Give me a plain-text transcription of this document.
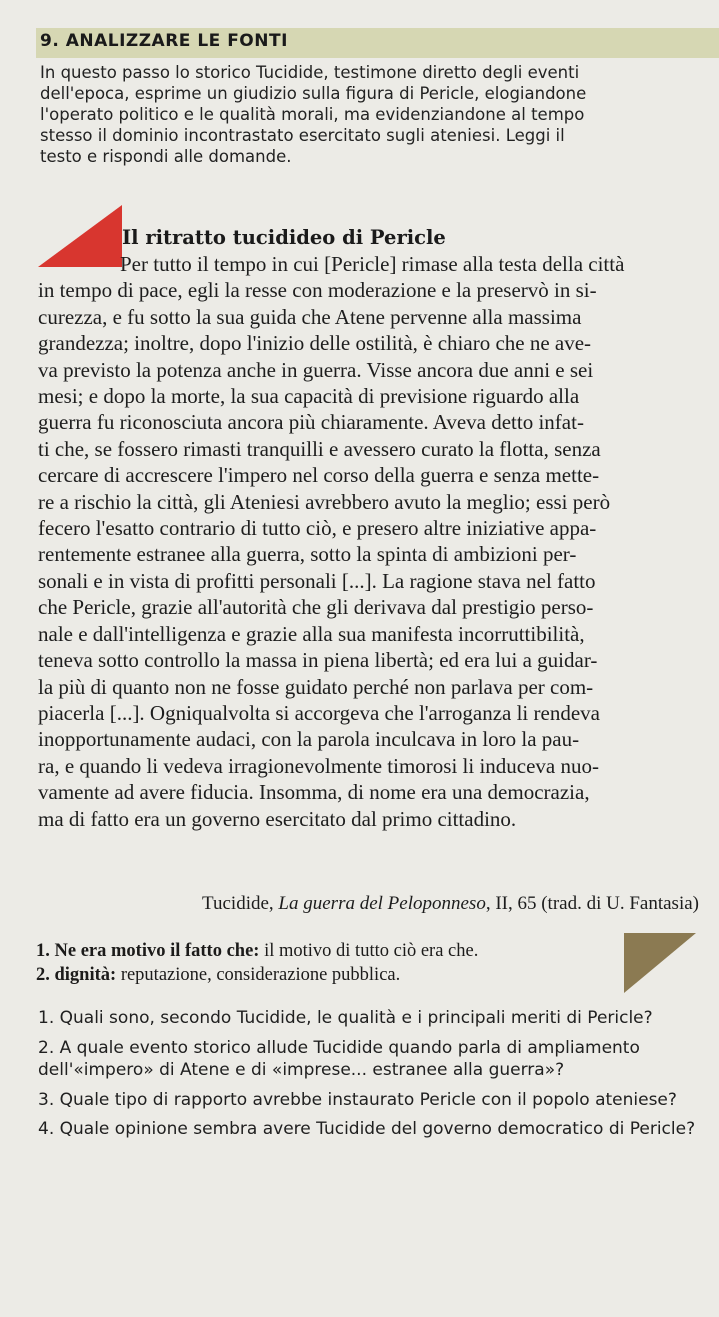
9. ANALIZZARE LE FONTI
In questo passo lo storico Tucidide, testimone diretto degli eventi
dell'epoca, esprime un giudizio sulla figura di Pericle, elogiandone
l'operato politico e le qualità morali, ma evidenziandone al tempo
stesso il dominio incontrastato esercitato sugli ateniesi. Leggi il
testo e rispondi alle domande.
Il ritratto tucidideo di Pericle
Per tutto il tempo in cui [Pericle] rimase alla testa della città
in tempo di pace, egli la resse con moderazione e la preservò in si-
curezza, e fu sotto la sua guida che Atene pervenne alla massima
grandezza; inoltre, dopo l'inizio delle ostilità, è chiaro che ne ave-
va previsto la potenza anche in guerra. Visse ancora due anni e sei
mesi; e dopo la morte, la sua capacità di previsione riguardo alla
guerra fu riconosciuta ancora più chiaramente. Aveva detto infat-
ti che, se fossero rimasti tranquilli e avessero curato la flotta, senza
cercare di accrescere l'impero nel corso della guerra e senza mette-
re a rischio la città, gli Ateniesi avrebbero avuto la meglio; essi però
fecero l'esatto contrario di tutto ciò, e presero altre iniziative appa-
rentemente estranee alla guerra, sotto la spinta di ambizioni per-
sonali e in vista di profitti personali [...]. La ragione stava nel fatto
che Pericle, grazie all'autorità che gli derivava dal prestigio perso-
nale e dall'intelligenza e grazie alla sua manifesta incorruttibilità,
teneva sotto controllo la massa in piena libertà; ed era lui a guidar-
la più di quanto non ne fosse guidato perché non parlava per com-
piacerla [...]. Ogniqualvolta si accorgeva che l'arroganza li rendeva
inopportunamente audaci, con la parola inculcava in loro la pau-
ra, e quando li vedeva irragionevolmente timorosi li induceva nuo-
vamente ad avere fiducia. Insomma, di nome era una democrazia,
ma di fatto era un governo esercitato dal primo cittadino.
Tucidide, La guerra del Peloponneso, II, 65 (trad. di U. Fantasia)
1. Ne era motivo il fatto che: il motivo di tutto ciò era che.
2. dignità: reputazione, considerazione pubblica.
1. Quali sono, secondo Tucidide, le qualità e i principali meriti di Pericle?
2. A quale evento storico allude Tucidide quando parla di ampliamento dell'«impero» di Atene e di «imprese... estranee alla guerra»?
3. Quale tipo di rapporto avrebbe instaurato Pericle con il popolo ateniese?
4. Quale opinione sembra avere Tucidide del governo democratico di Pericle?
